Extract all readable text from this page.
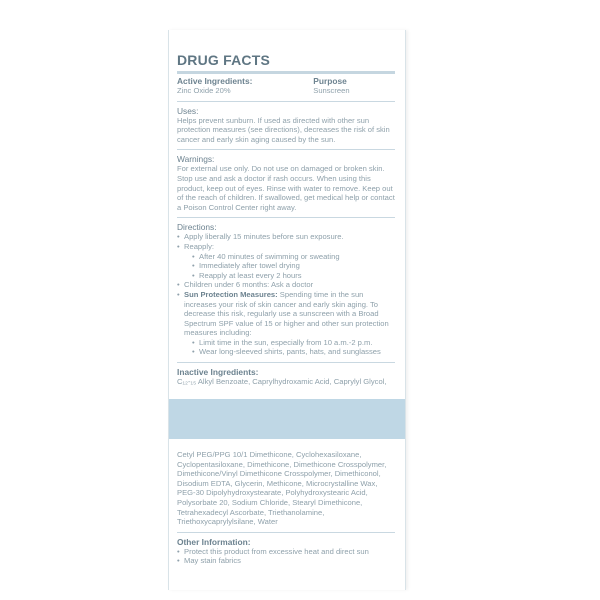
DRUG FACTS
Active Ingredients:
Zinc Oxide 20%
Purpose
Sunscreen
Uses:
Helps prevent sunburn. If used as directed with other sun protection measures (see directions), decreases the risk of skin cancer and early skin aging caused by the sun.
Warnings:
For external use only. Do not use on damaged or broken skin. Stop use and ask a doctor if rash occurs. When using this product, keep out of eyes. Rinse with water to remove. Keep out of the reach of children. If swallowed, get medical help or contact a Poison Control Center right away.
Directions:
• Apply liberally 15 minutes before sun exposure.
• Reapply:
• After 40 minutes of swimming or sweating
• Immediately after towel drying
• Reapply at least every 2 hours
• Children under 6 months: Ask a doctor
• Sun Protection Measures: Spending time in the sun increases your risk of skin cancer and early skin aging. To decrease this risk, regularly use a sunscreen with a Broad Spectrum SPF value of 15 or higher and other sun protection measures including:
• Limit time in the sun, especially from 10 a.m.-2 p.m.
• Wear long-sleeved shirts, pants, hats, and sunglasses
Inactive Ingredients:
C₁₂-₁₅ Alkyl Benzoate, Caprylhydroxamic Acid, Caprylyl Glycol,
Cetyl PEG/PPG 10/1 Dimethicone, Cyclohexasiloxane, Cyclopentasiloxane, Dimethicone, Dimethicone Crosspolymer, Dimethicone/Vinyl Dimethicone Crosspolymer, Dimethiconol, Disodium EDTA, Glycerin, Methicone, Microcrystalline Wax, PEG-30 Dipolyhydroxystearate, Polyhydroxystearic Acid, Polysorbate 20, Sodium Chloride, Stearyl Dimethicone, Tetrahexadecyl Ascorbate, Triethanolamine, Triethoxycaprylylsilane, Water
Other Information:
• Protect this product from excessive heat and direct sun
• May stain fabrics
